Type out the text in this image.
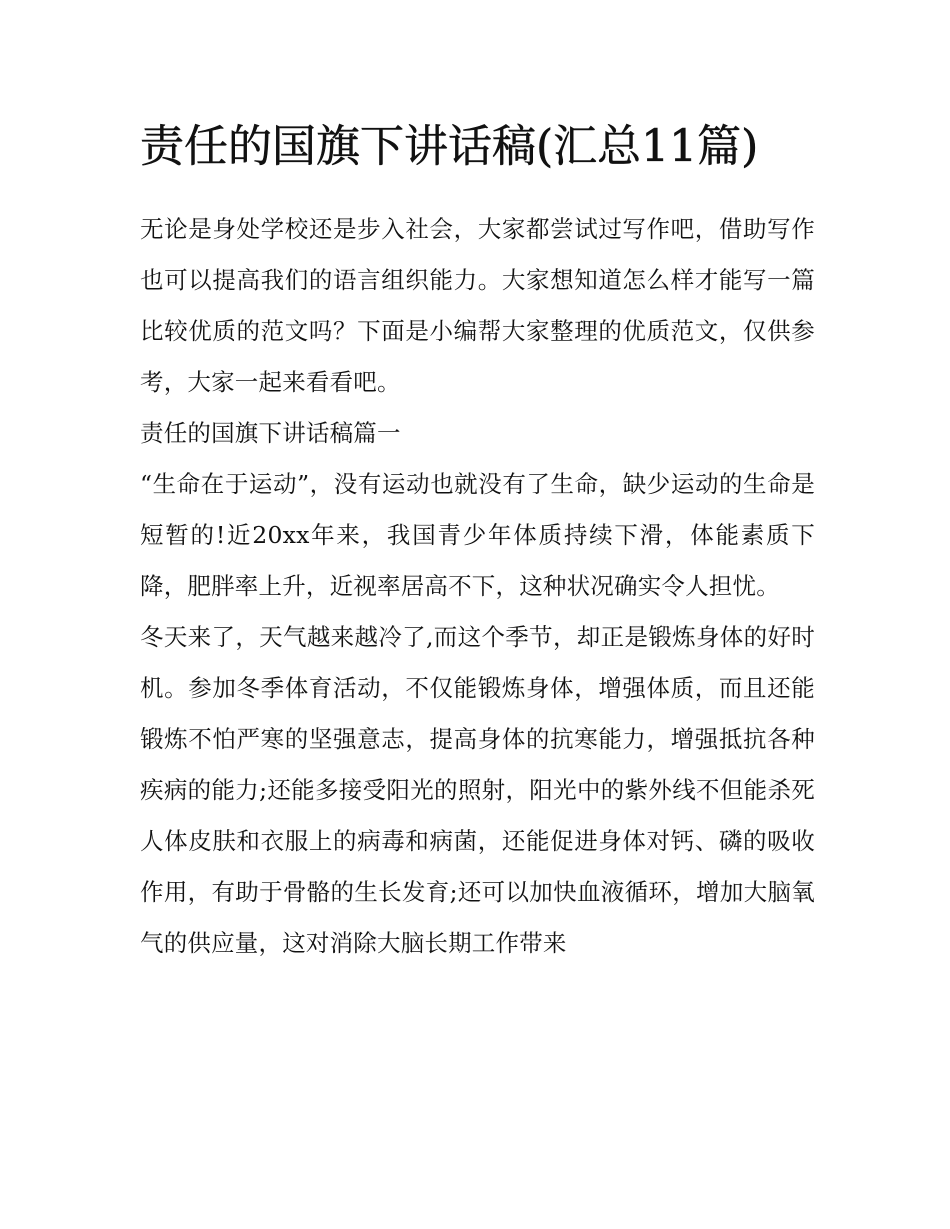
责任的国旗下讲话稿(汇总11篇)

无论是身处学校还是步入社会，大家都尝试过写作吧，借助写作也可以提高我们的语言组织能力。大家想知道怎么样才能写一篇比较优质的范文吗？下面是小编帮大家整理的优质范文，仅供参考，大家一起来看看吧。

责任的国旗下讲话稿篇一

“生命在于运动”，没有运动也就没有了生命，缺少运动的生命是短暂的!近20xx年来，我国青少年体质持续下滑，体能素质下降，肥胖率上升，近视率居高不下，这种状况确实令人担忧。

冬天来了，天气越来越冷了,而这个季节，却正是锻炼身体的好时机。参加冬季体育活动，不仅能锻炼身体，增强体质，而且还能锻炼不怕严寒的坚强意志，提高身体的抗寒能力，增强抵抗各种疾病的能力;还能多接受阳光的照射，阳光中的紫外线不但能杀死人体皮肤和衣服上的病毒和病菌，还能促进身体对钙、磷的吸收作用，有助于骨骼的生长发育;还可以加快血液循环，增加大脑氧气的供应量，这对消除大脑长期工作带来
